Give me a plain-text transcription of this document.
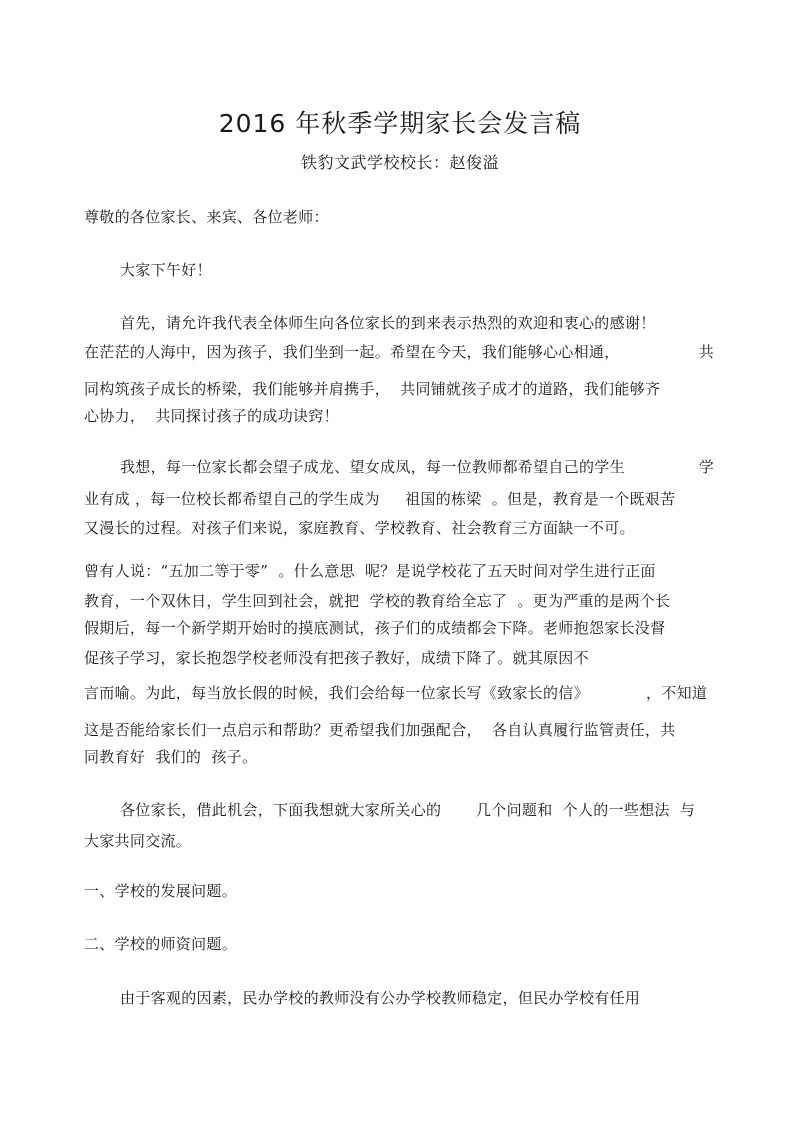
2016 年秋季学期家长会发言稿
铁豹文武学校校长：赵俊溢
尊敬的各位家长、来宾、各位老师：
大家下午好！
首先，请允许我代表全体师生向各位家长的到来表示热烈的欢迎和衷心的感谢！
在茫茫的人海中，因为孩子，我们坐到一起。希望在今天，我们能够心心相通，	共
同构筑孩子成长的桥梁，我们能够并肩携手，  共同铺就孩子成才的道路，我们能够齐
心协力，  共同探讨孩子的成功诀窍！
我想，每一位家长都会望子成龙、望女成凤，每一位教师都希望自己的学生	学
业有成 ，每一位校长都希望自己的学生成为     祖国的栋梁  。但是，教育是一个既艰苦
又漫长的过程。对孩子们来说，家庭教育、学校教育、社会教育三方面缺一不可。
曾有人说：“五加二等于零”  。什么意思  呢？是说学校花了五天时间对学生进行正面
教育，一个双休日，学生回到社会，就把  学校的教育给全忘了  。更为严重的是两个长
假期后，每一个新学期开始时的摸底测试，孩子们的成绩都会下降。老师抱怨家长没督
促孩子学习，家长抱怨学校老师没有把孩子教好，成绩下降了。就其原因不
言而喻。为此，每当放长假的时候，我们会给每一位家长写《致家长的信》	，不知道
这是否能给家长们一点启示和帮助？更希望我们加强配合，  各自认真履行监管责任，共
同教育好  我们的  孩子。
各位家长，借此机会，下面我想就大家所关心的 几个问题和  个人的一些想法  与
大家共同交流。
一、学校的发展问题。
二、学校的师资问题。
由于客观的因素，民办学校的教师没有公办学校教师稳定，但民办学校有任用
